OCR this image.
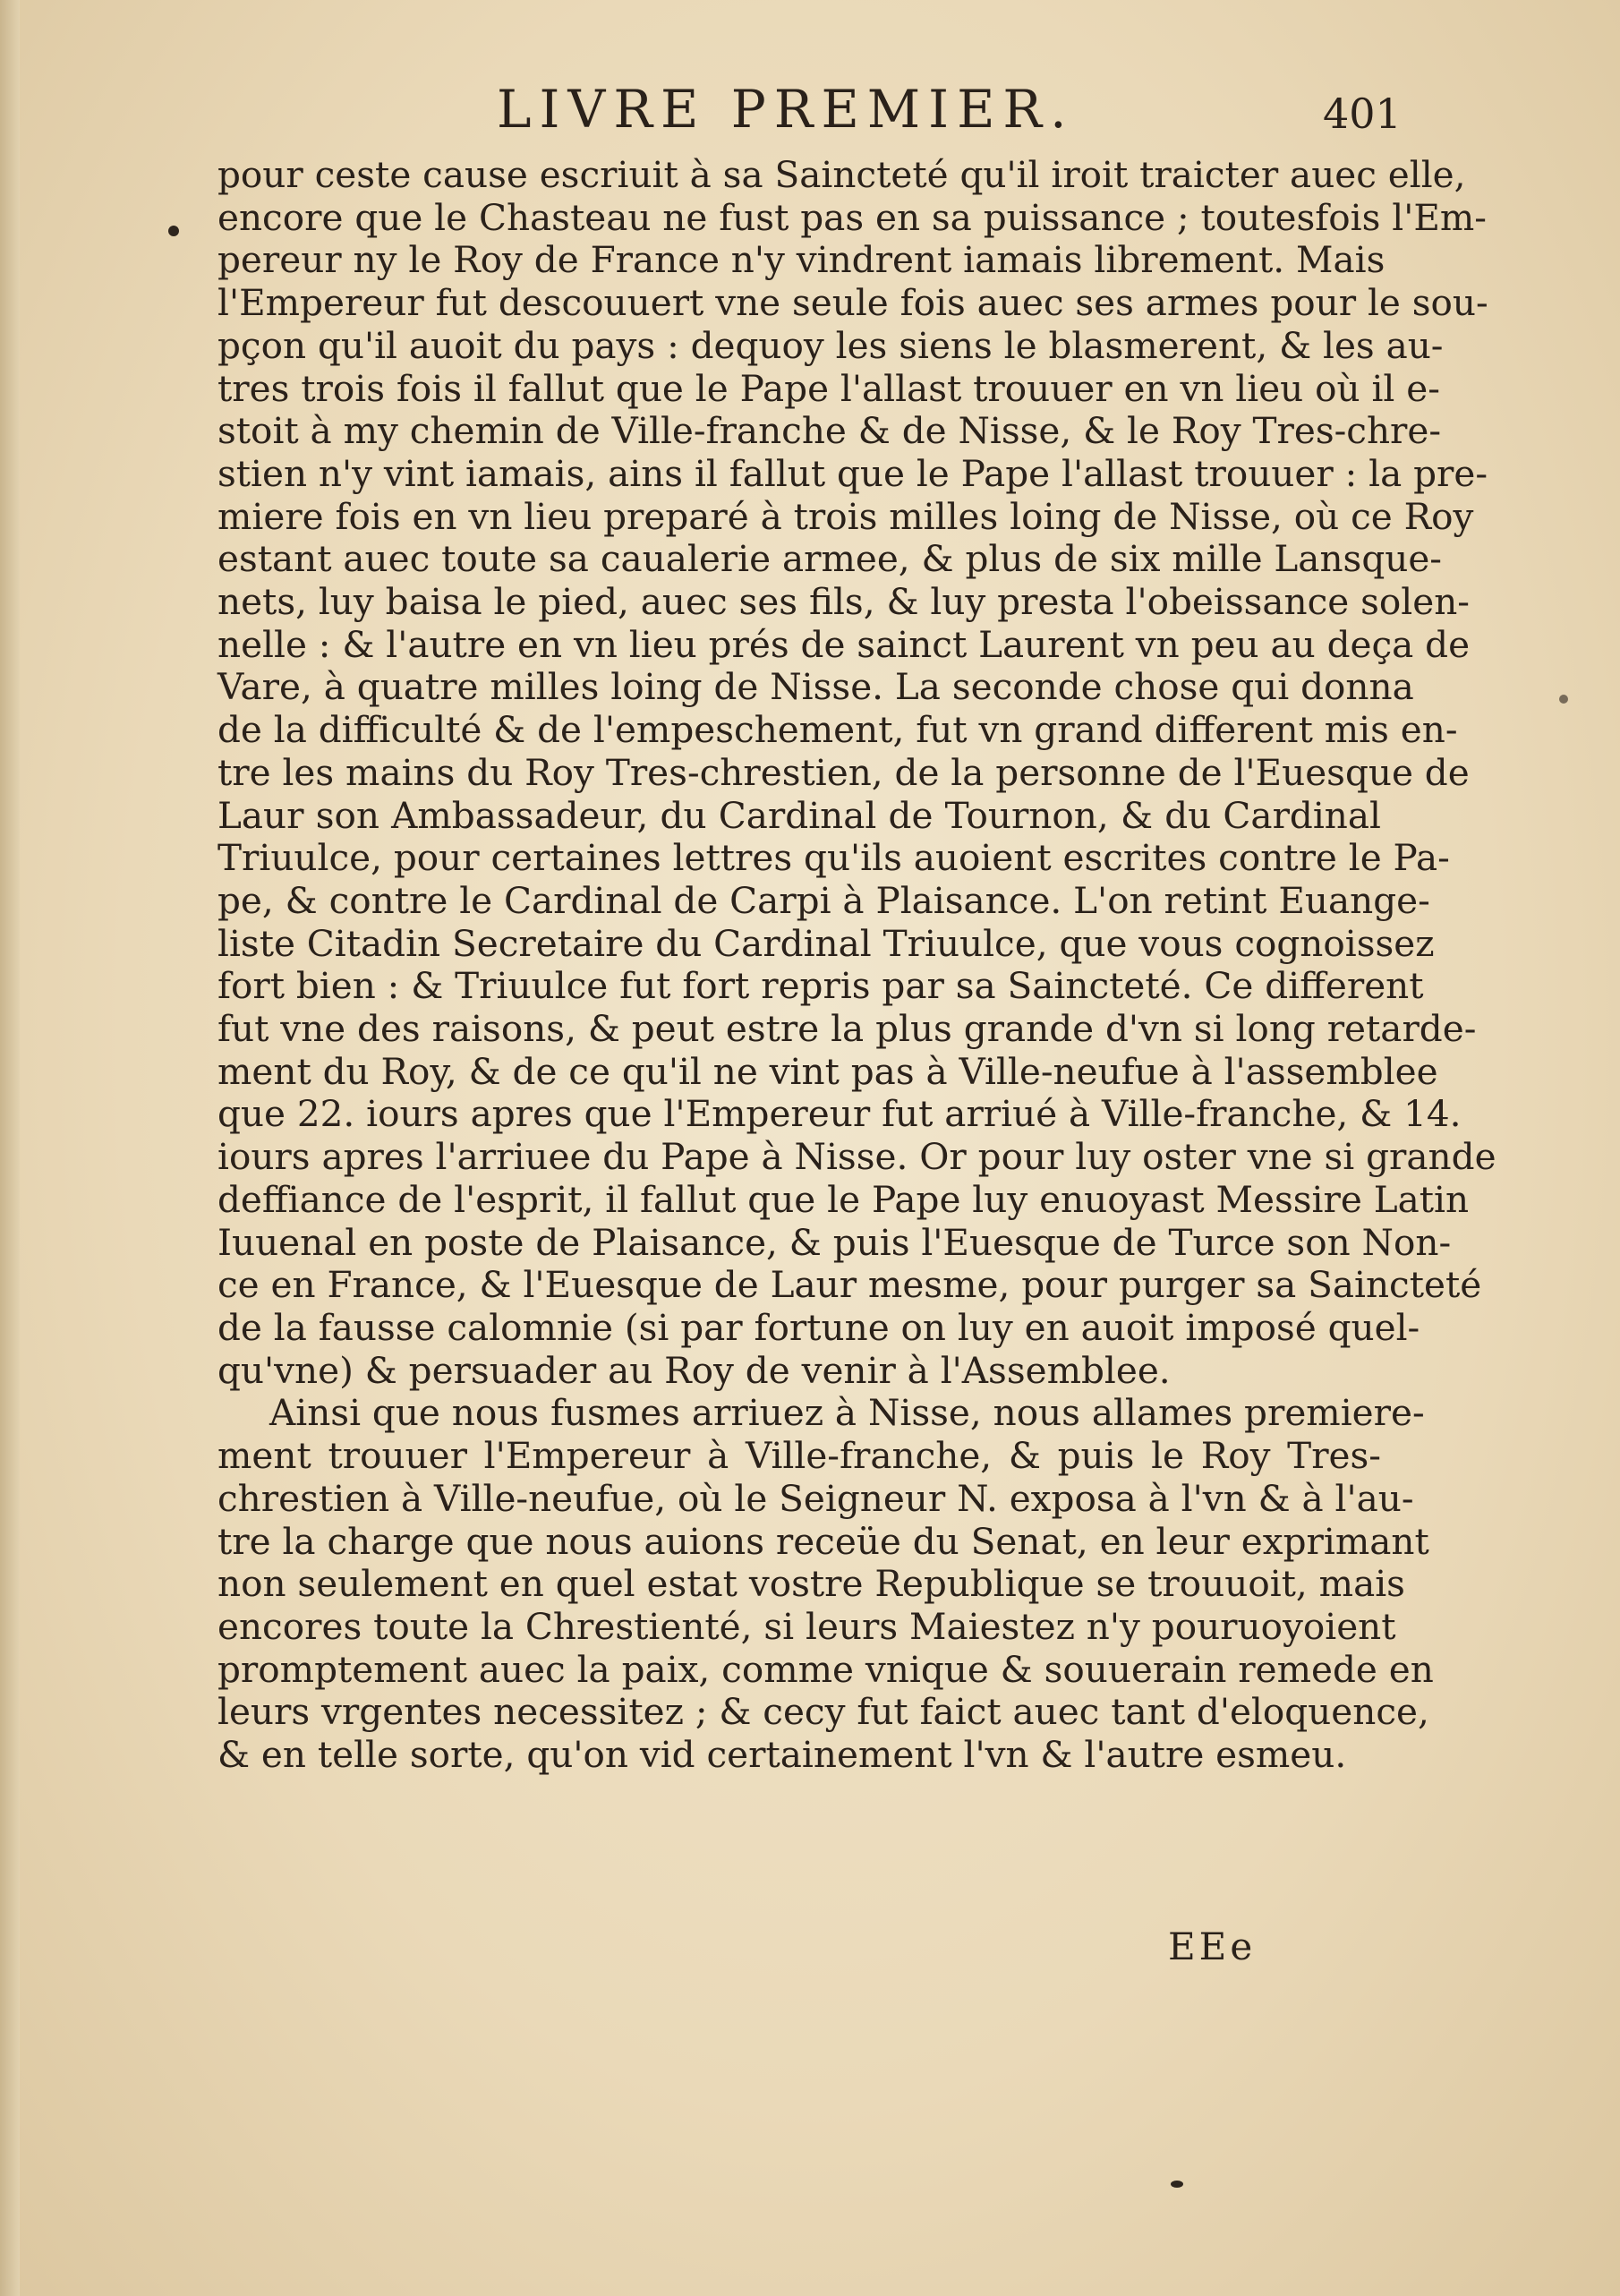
LIVRE PREMIER.	401
pour ceste cause escriuit à sa Saincteté qu'il iroit traicter auec elle,
encore que le Chasteau ne fust pas en sa puissance ; toutesfois l'Em-
pereur ny le Roy de France n'y vindrent iamais librement. Mais
l'Empereur fut descouuert vne seule fois auec ses armes pour le sou-
pçon qu'il auoit du pays : dequoy les siens le blasmerent, & les au-
tres trois fois il fallut que le Pape l'allast trouuer en vn lieu où il e-
stoit à my chemin de Ville-franche & de Nisse, & le Roy Tres-chre-
stien n'y vint iamais, ains il fallut que le Pape l'allast trouuer : la pre-
miere fois en vn lieu preparé à trois milles loing de Nisse, où ce Roy
estant auec toute sa caualerie armee, & plus de six mille Lansque-
nets, luy baisa le pied, auec ses fils, & luy presta l'obeissance solen-
nelle : & l'autre en vn lieu prés de sainct Laurent vn peu au deça de
Vare, à quatre milles loing de Nisse. La seconde chose qui donna
de la difficulté & de l'empeschement, fut vn grand different mis en-
tre les mains du Roy Tres-chrestien, de la personne de l'Euesque de
Laur son Ambassadeur, du Cardinal de Tournon, & du Cardinal
Triuulce, pour certaines lettres qu'ils auoient escrites contre le Pa-
pe, & contre le Cardinal de Carpi à Plaisance. L'on retint Euange-
liste Citadin Secretaire du Cardinal Triuulce, que vous cognoissez
fort bien : & Triuulce fut fort repris par sa Saincteté. Ce different
fut vne des raisons, & peut estre la plus grande d'vn si long retarde-
ment du Roy, & de ce qu'il ne vint pas à Ville-neufue à l'assemblee
que 22. iours apres que l'Empereur fut arriué à Ville-franche, & 14.
iours apres l'arriuee du Pape à Nisse. Or pour luy oster vne si grande
deffiance de l'esprit, il fallut que le Pape luy enuoyast Messire Latin
Iuuenal en poste de Plaisance, & puis l'Euesque de Turce son Non-
ce en France, & l'Euesque de Laur mesme, pour purger sa Saincteté
de la fausse calomnie (si par fortune on luy en auoit imposé quel-
qu'vne) & persuader au Roy de venir à l'Assemblee.
Ainsi que nous fusmes arriuez à Nisse, nous allames premiere-
ment trouuer l'Empereur à Ville-franche, & puis le Roy Tres-
chrestien à Ville-neufue, où le Seigneur N. exposa à l'vn & à l'au-
tre la charge que nous auions receüe du Senat, en leur exprimant
non seulement en quel estat vostre Republique se trouuoit, mais
encores toute la Chrestienté, si leurs Maiestez n'y pouruoyoient
promptement auec la paix, comme vnique & souuerain remede en
leurs vrgentes necessitez ; & cecy fut faict auec tant d'eloquence,
& en telle sorte, qu'on vid certainement l'vn & l'autre esmeu.
EEe
